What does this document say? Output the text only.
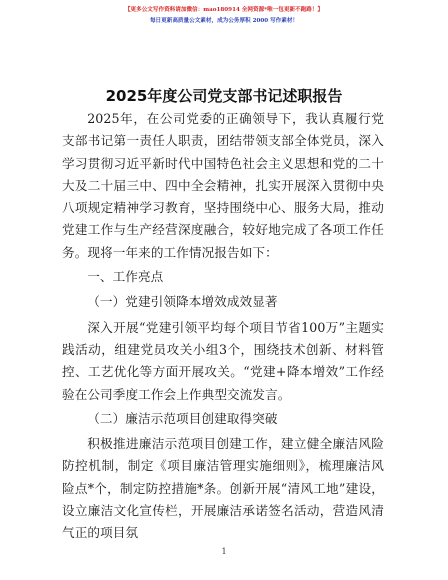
【更多公文写作资料请加微信：mao180914 全网资源*唯一包更新不跑路！】
每日更新高质量公文素材，成为公务厚积 2000 写作素材！
2025年度公司党支部书记述职报告

2025年，在公司党委的正确领导下，我认真履行党支部书记第一责任人职责，团结带领支部全体党员，深入学习贯彻习近平新时代中国特色社会主义思想和党的二十大及二十届三中、四中全会精神，扎实开展深入贯彻中央八项规定精神学习教育，坚持围绕中心、服务大局，推动党建工作与生产经营深度融合，较好地完成了各项工作任务。现将一年来的工作情况报告如下：

一、工作亮点

（一）党建引领降本增效成效显著

深入开展“党建引领平均每个项目节省100万”主题实践活动，组建党员攻关小组3个，围绕技术创新、材料管控、工艺优化等方面开展攻关。“党建+降本增效”工作经验在公司季度工作会上作典型交流发言。

（二）廉洁示范项目创建取得突破

积极推进廉洁示范项目创建工作，建立健全廉洁风险防控机制，制定《项目廉洁管理实施细则》，梳理廉洁风险点*个，制定防控措施*条。创新开展“清风工地”建设，设立廉洁文化宣传栏，开展廉洁承诺签名活动，营造风清气正的项目氛

1
